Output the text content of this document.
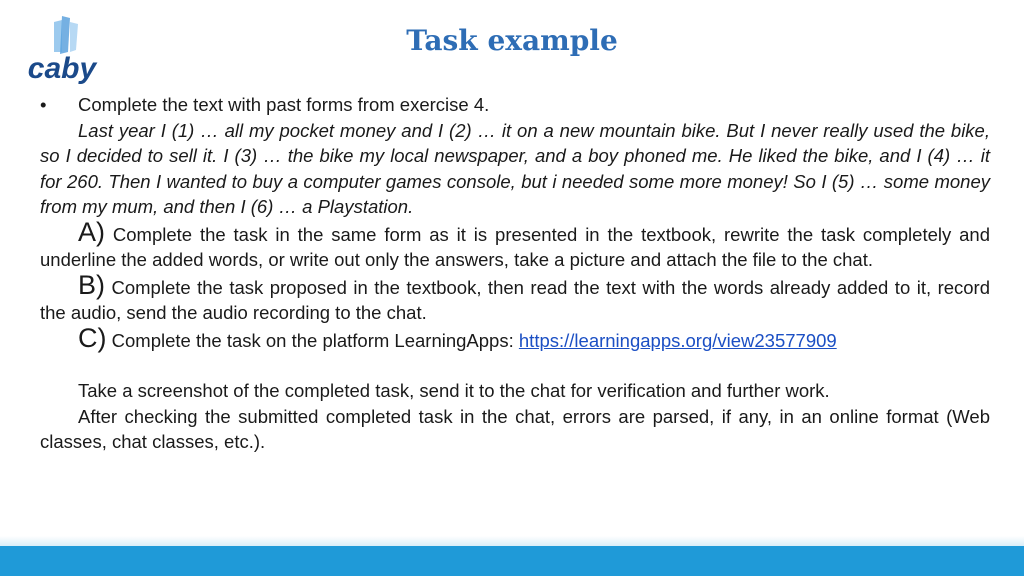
caby
Task example

• Complete the text with past forms from exercise 4.

Last year I (1) … all my pocket money and I (2) … it on a new mountain bike. But I never really used the bike, so I decided to sell it. I (3) … the bike my local newspaper, and a boy phoned me. He liked the bike, and I (4) … it for 260. Then I wanted to buy a computer games console, but i needed some more money! So I (5) … some money from my mum, and then I (6) … a Playstation.

A) Complete the task in the same form as it is presented in the textbook, rewrite the task completely and underline the added words, or write out only the answers, take a picture and attach the file to the chat.

B) Complete the task proposed in the textbook, then read the text with the words already added to it, record the audio, send the audio recording to the chat.

C) Complete the task on the platform LearningApps: https://learningapps.org/view23577909

Take a screenshot of the completed task, send it to the chat for verification and further work.

After checking the submitted completed task in the chat, errors are parsed, if any, in an online format (Web classes, chat classes, etc.).
